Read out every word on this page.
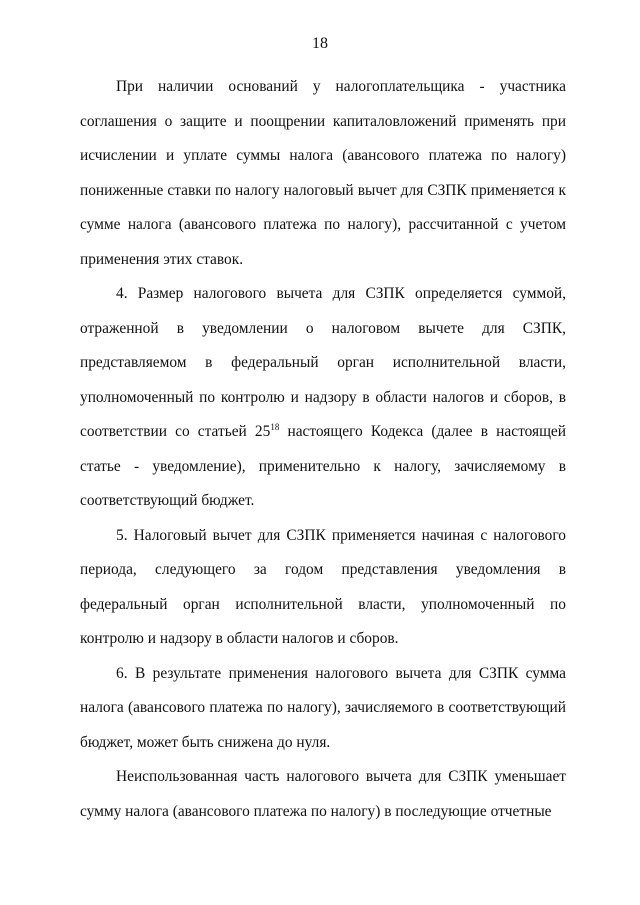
18

При наличии оснований у налогоплательщика - участника соглашения о защите и поощрении капиталовложений применять при исчислении и уплате суммы налога (авансового платежа по налогу) пониженные ставки по налогу налоговый вычет для СЗПК применяется к сумме налога (авансового платежа по налогу), рассчитанной с учетом применения этих ставок.

4. Размер налогового вычета для СЗПК определяется суммой, отраженной в уведомлении о налоговом вычете для СЗПК, представляемом в федеральный орган исполнительной власти, уполномоченный по контролю и надзору в области налогов и сборов, в соответствии со статьей $25^{18}$ настоящего Кодекса (далее в настоящей статье - уведомление), применительно к налогу, зачисляемому в соответствующий бюджет.

5. Налоговый вычет для СЗПК применяется начиная с налогового периода, следующего за годом представления уведомления в федеральный орган исполнительной власти, уполномоченный по контролю и надзору в области налогов и сборов.

6. В результате применения налогового вычета для СЗПК сумма налога (авансового платежа по налогу), зачисляемого в соответствующий бюджет, может быть снижена до нуля.

Неиспользованная часть налогового вычета для СЗПК уменьшает сумму налога (авансового платежа по налогу) в последующие отчетные
